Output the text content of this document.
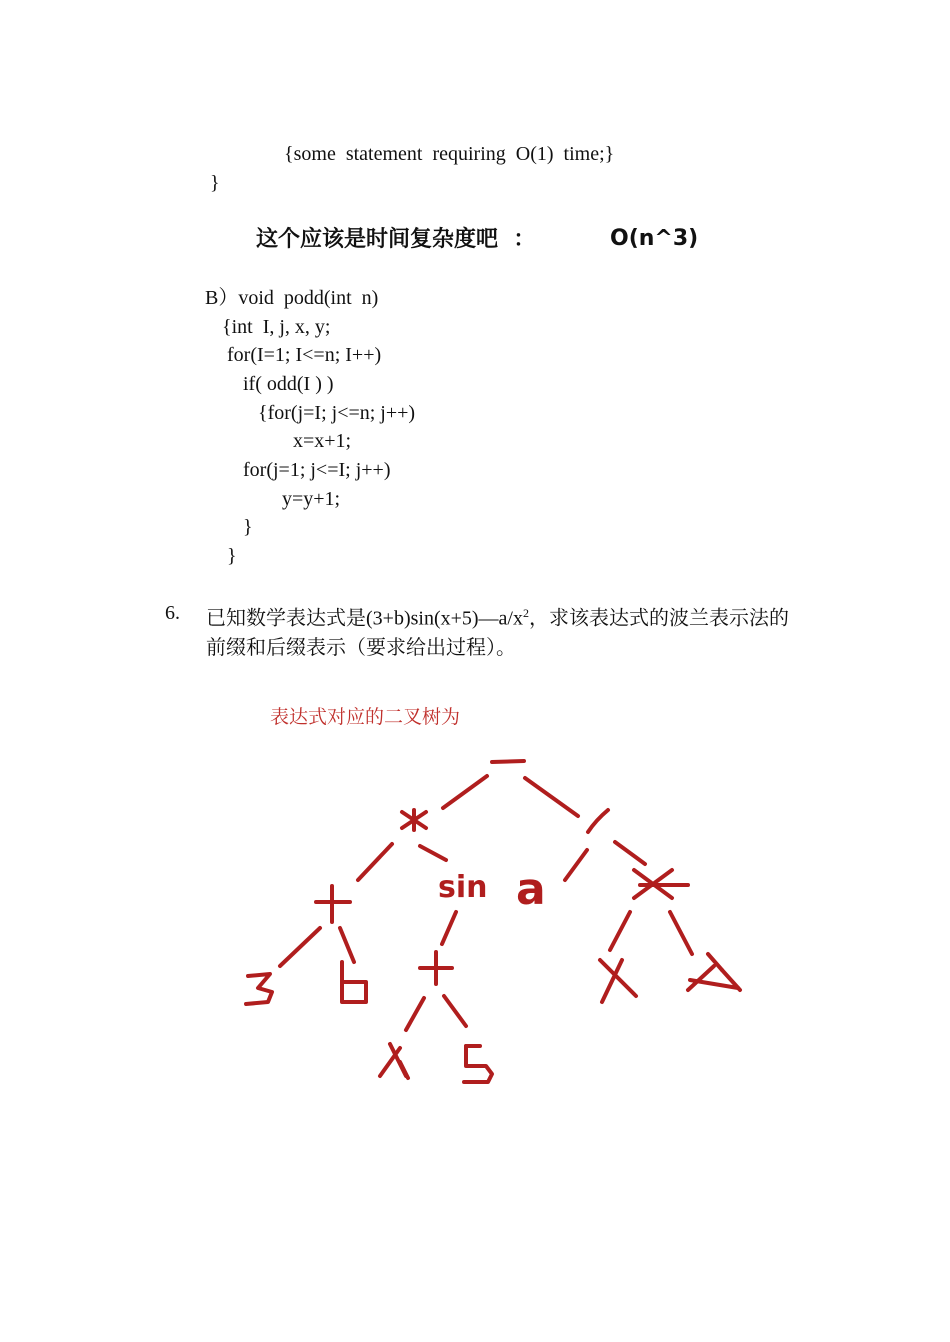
{some  statement  requiring  O(1)  time;}
}
这个应该是时间复杂度吧  ：	O(n^3)
B）void  podd(int  n)
{int  I, j, x, y;
for(I=1; I<=n; I++)
if( odd(I ) )
{for(j=I; j<=n; j++)
x=x+1;
for(j=1; j<=I; j++)
y=y+1;
}
}
6. 已知数学表达式是$(3+b)\sin(x+5)—a/x^2$，求该表达式的波兰表示法的前缀和后缀表示（要求给出过程）。
表达式对应的二叉树为
sin a
